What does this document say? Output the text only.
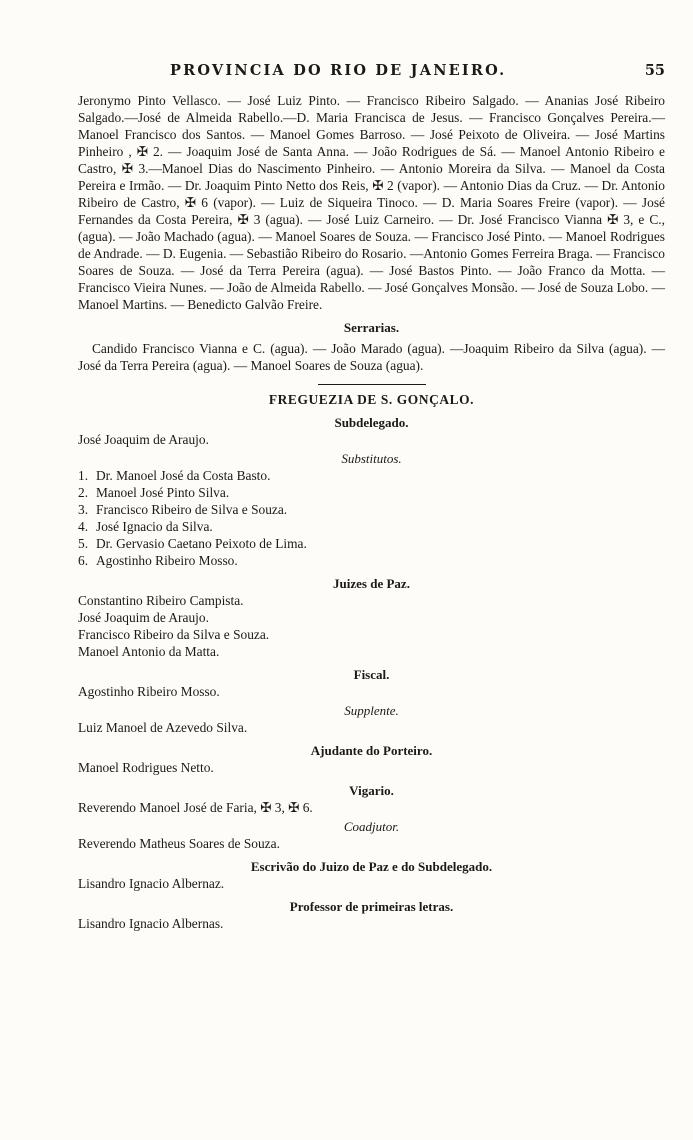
PROVINCIA DO RIO DE JANEIRO.	55

Jeronymo Pinto Vellasco. — José Luiz Pinto. — Francisco Ribeiro Salgado. — Ananias José Ribeiro Salgado.—José de Almeida Rabello.—D. Maria Francisca de Jesus. — Francisco Gonçalves Pereira.—Manoel Francisco dos Santos. — Manoel Gomes Barroso. — José Peixoto de Oliveira. — José Martins Pinheiro , ✠ 2. — Joaquim José de Santa Anna. — João Rodrigues de Sá. — Manoel Antonio Ribeiro e Castro, ✠ 3.—Manoel Dias do Nascimento Pinheiro. — Antonio Moreira da Silva. — Manoel da Costa Pereira e Irmão. — Dr. Joaquim Pinto Netto dos Reis, ✠ 2 (vapor). — Antonio Dias da Cruz. — Dr. Antonio Ribeiro de Castro, ✠ 6 (vapor). — Luiz de Siqueira Tinoco. — D. Maria Soares Freire (vapor). — José Fernandes da Costa Pereira, ✠ 3 (agua). — José Luiz Carneiro. — Dr. José Francisco Vianna ✠ 3, e C., (agua). — João Machado (agua). — Manoel Soares de Souza. — Francisco José Pinto. — Manoel Rodrigues de Andrade. — D. Eugenia. — Sebastião Ribeiro do Rosario. —Antonio Gomes Ferreira Braga. — Francisco Soares de Souza. — José da Terra Pereira (agua). — José Bastos Pinto. — João Franco da Motta. — Francisco Vieira Nunes. — João de Almeida Rabello. — José Gonçalves Monsão. — José de Souza Lobo. —Manoel Martins. — Benedicto Galvão Freire.

Serrarias.

Candido Francisco Vianna e C. (agua). — João Marado (agua). —Joaquim Ribeiro da Silva (agua). — José da Terra Pereira (agua). — Manoel Soares de Souza (agua).

FREGUEZIA DE S. GONÇALO.
Subdelegado.

José Joaquim de Araujo.

Substitutos.
1. Dr. Manoel José da Costa Basto.
2. Manoel José Pinto Silva.
3. Francisco Ribeiro de Silva e Souza.
4. José Ignacio da Silva.
5. Dr. Gervasio Caetano Peixoto de Lima.
6. Agostinho Ribeiro Mosso.
Juizes de Paz.

Constantino Ribeiro Campista.

José Joaquim de Araujo.

Francisco Ribeiro da Silva e Souza.

Manoel Antonio da Matta.

Fiscal.

Agostinho Ribeiro Mosso.

Supplente.

Luiz Manoel de Azevedo Silva.

Ajudante do Porteiro.

Manoel Rodrigues Netto.

Vigario.

Reverendo Manoel José de Faria, ✠ 3, ✠ 6.

Coadjutor.

Reverendo Matheus Soares de Souza.

Escrivão do Juizo de Paz e do Subdelegado.

Lisandro Ignacio Albernaz.

Professor de primeiras letras.

Lisandro Ignacio Albernas.
